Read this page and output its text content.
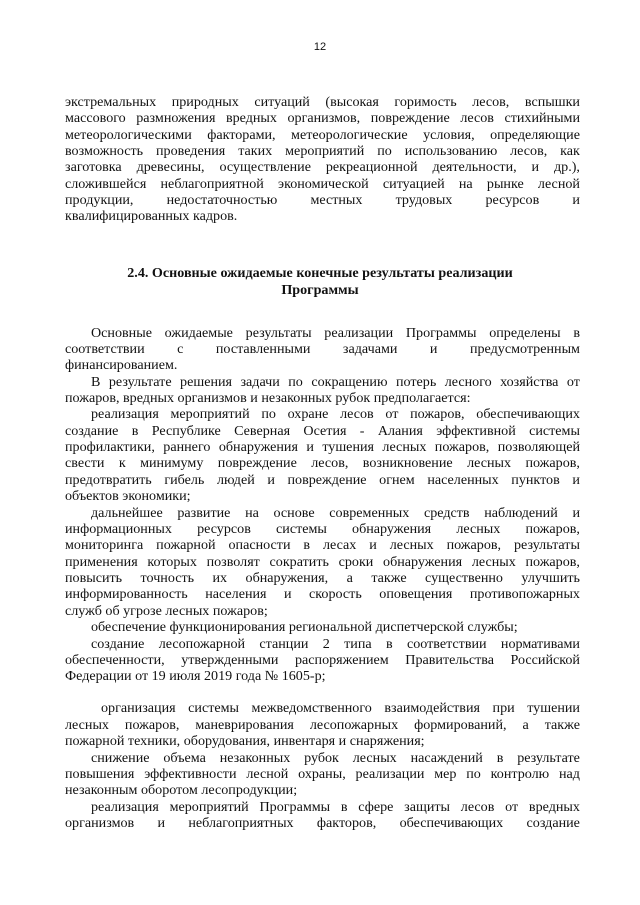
12
экстремальных природных ситуаций (высокая горимость лесов, вспышки
массового размножения вредных организмов, повреждение лесов стихийными
метеорологическими факторами, метеорологические условия, определяющие
возможность проведения таких мероприятий по использованию лесов, как
заготовка древесины, осуществление рекреационной деятельности, и др.),
сложившейся неблагоприятной экономической ситуацией на рынке лесной
продукции, недостаточностью местных трудовых ресурсов и
квалифицированных кадров.
2.4. Основные ожидаемые конечные результаты реализации
Программы
Основные ожидаемые результаты реализации Программы определены в
соответствии с поставленными задачами и предусмотренным
финансированием.
В результате решения задачи по сокращению потерь лесного хозяйства от
пожаров, вредных организмов и незаконных рубок предполагается:
реализация мероприятий по охране лесов от пожаров, обеспечивающих
создание в Республике Северная Осетия - Алания эффективной системы
профилактики, раннего обнаружения и тушения лесных пожаров, позволяющей
свести к минимуму повреждение лесов, возникновение лесных пожаров,
предотвратить гибель людей и повреждение огнем населенных пунктов и
объектов экономики;
дальнейшее развитие на основе современных средств наблюдений и
информационных ресурсов системы обнаружения лесных пожаров,
мониторинга пожарной опасности в лесах и лесных пожаров, результаты
применения которых позволят сократить сроки обнаружения лесных пожаров,
повысить точность их обнаружения, а также существенно улучшить
информированность населения и скорость оповещения противопожарных
служб об угрозе лесных пожаров;
обеспечение функционирования региональной диспетчерской службы;
создание лесопожарной станции 2 типа в соответствии нормативами
обеспеченности, утвержденными распоряжением Правительства Российской
Федерации от 19 июля 2019 года № 1605-р;
организация системы межведомственного взаимодействия при тушении
лесных пожаров, маневрирования лесопожарных формирований, а также
пожарной техники, оборудования, инвентаря и снаряжения;
снижение объема незаконных рубок лесных насаждений в результате
повышения эффективности лесной охраны, реализации мер по контролю над
незаконным оборотом лесопродукции;
реализация мероприятий Программы в сфере защиты лесов от вредных
организмов и неблагоприятных факторов, обеспечивающих создание
